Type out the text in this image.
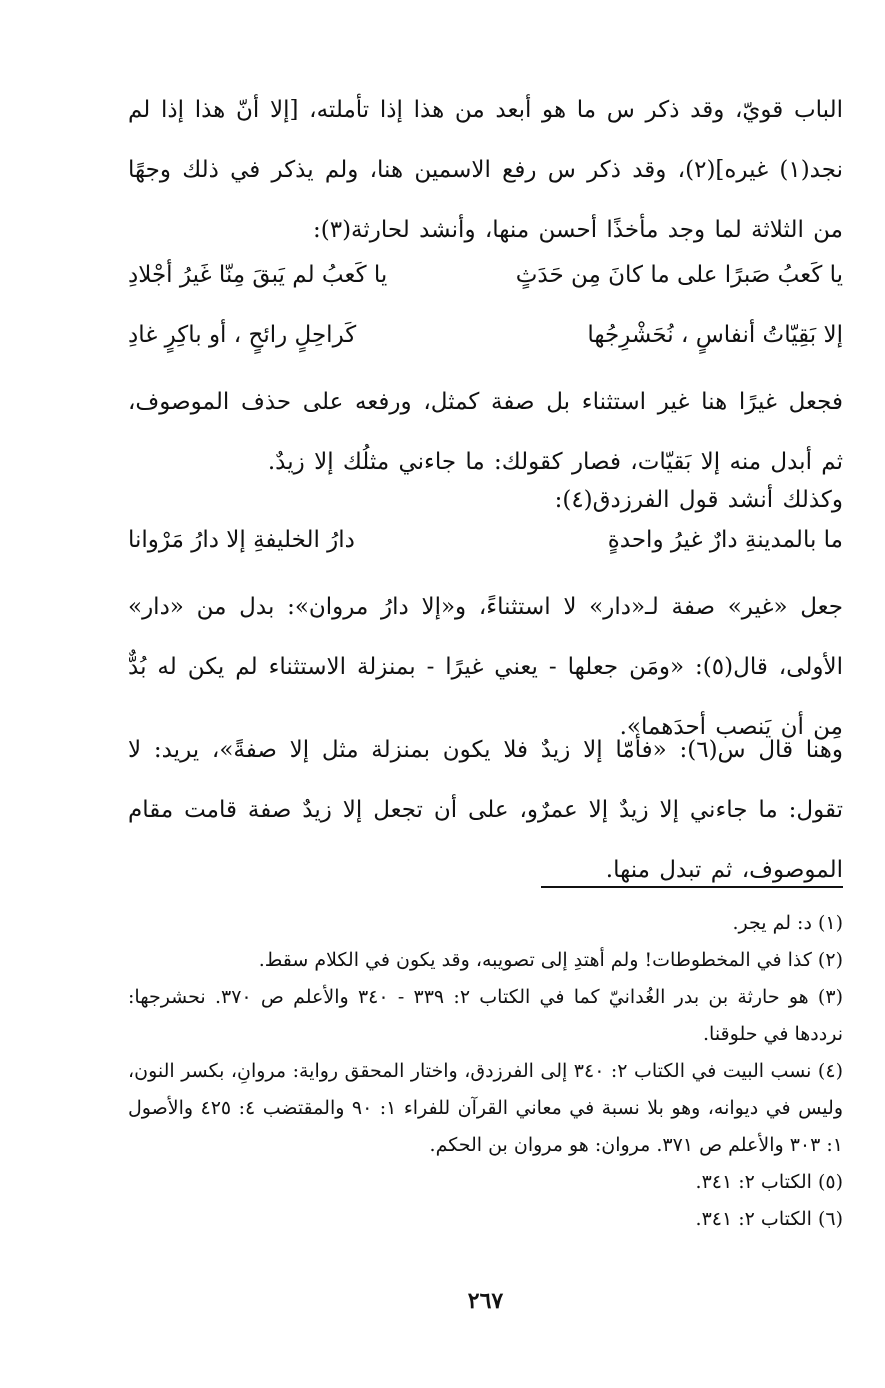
الباب قويّ، وقد ذكر س ما هو أبعد من هذا إذا تأملته، [إلا أنّ هذا إذا لم نجد(١) غيره](٢)، وقد ذكر س رفع الاسمين هنا، ولم يذكر في ذلك وجهًا من الثلاثة لما وجد مأخذًا أحسن منها، وأنشد لحارثة(٣):

يا كَعبُ صَبرًا على ما كانَ مِن حَدَثٍ
يا كَعبُ لم يَبقَ مِنّا غَيرُ أجْلادِ
إلا بَقِيّاتُ أنفاسٍ ، نُحَشْرِجُها
كَراحِلٍ رائحٍ ، أو باكِرٍ غادِ

فجعل غيرًا هنا غير استثناء بل صفة كمثل، ورفعه على حذف الموصوف، ثم أبدل منه إلا بَقيّات، فصار كقولك: ما جاءني مثلُك إلا زيدٌ.

وكذلك أنشد قول الفرزدق(٤):

ما بالمدينةِ دارٌ غيرُ واحدةٍ
دارُ الخليفةِ إلا دارُ مَرْوانا

جعل «غير» صفة لـ«دار» لا استثناءً، و«إلا دارُ مروان»: بدل من «دار» الأولى، قال(٥): «ومَن جعلها - يعني غيرًا - بمنزلة الاستثناء لم يكن له بُدٌّ مِن أن يَنصب أحدَهما».

وهنا قال س(٦): «فأمّا إلا زيدٌ فلا يكون بمنزلة مثل إلا صفةً»، يريد: لا تقول: ما جاءني إلا زيدٌ إلا عمرٌو، على أن تجعل إلا زيدٌ صفة قامت مقام الموصوف، ثم تبدل منها.

(١) د: لم يجر.

(٢) كذا في المخطوطات! ولم أهتدِ إلى تصويبه، وقد يكون في الكلام سقط.

(٣) هو حارثة بن بدر الغُدانيّ كما في الكتاب ٢: ٣٣٩ - ٣٤٠ والأعلم ص ٣٧٠. نحشرجها: نرددها في حلوقنا.

(٤) نسب البيت في الكتاب ٢: ٣٤٠ إلى الفرزدق، واختار المحقق رواية: مروانِ، بكسر النون، وليس في ديوانه، وهو بلا نسبة في معاني القرآن للفراء ١: ٩٠ والمقتضب ٤: ٤٢٥ والأصول ١: ٣٠٣ والأعلم ص ٣٧١. مروان: هو مروان بن الحكم.

(٥) الكتاب ٢: ٣٤١.

(٦) الكتاب ٢: ٣٤١.

٢٦٧
